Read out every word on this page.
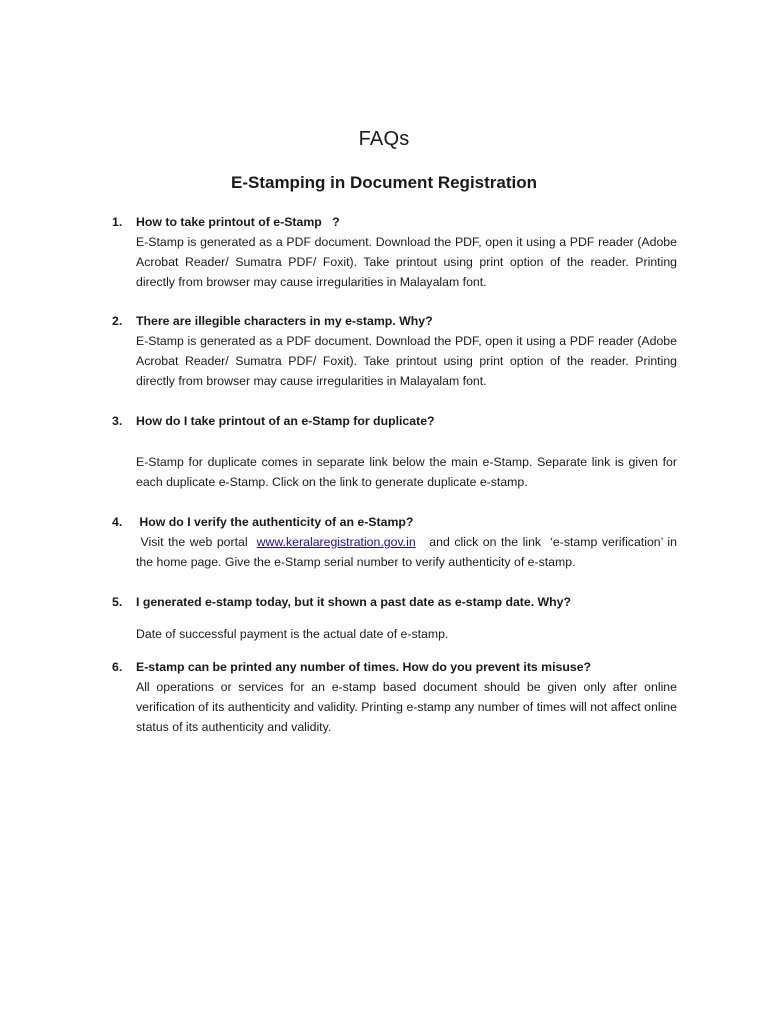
FAQs
E-Stamping in Document Registration
1. How to take printout of e-Stamp   ?
E-Stamp is generated as a PDF document. Download the PDF, open it using a PDF reader (Adobe Acrobat Reader/ Sumatra PDF/ Foxit). Take printout using print option of the reader. Printing directly from browser may cause irregularities in Malayalam font.
2. There are illegible characters in my e-stamp. Why?
E-Stamp is generated as a PDF document. Download the PDF, open it using a PDF reader (Adobe Acrobat Reader/ Sumatra PDF/ Foxit). Take printout using print option of the reader. Printing directly from browser may cause irregularities in Malayalam font.
3. How do I take printout of an e-Stamp for duplicate?
E-Stamp for duplicate comes in separate link below the main e-Stamp. Separate link is given for each duplicate e-Stamp. Click on the link to generate duplicate e-stamp.
4. How do I verify the authenticity of an e-Stamp?
Visit the web portal  www.keralaregistration.gov.in   and click on the link  ‘e-stamp verification’ in the home page. Give the e-Stamp serial number to verify authenticity of e-stamp.
5. I generated e-stamp today, but it shown a past date as e-stamp date. Why?
Date of successful payment is the actual date of e-stamp.
6. E-stamp can be printed any number of times. How do you prevent its misuse?
All operations or services for an e-stamp based document should be given only after online verification of its authenticity and validity. Printing e-stamp any number of times will not affect online status of its authenticity and validity.
